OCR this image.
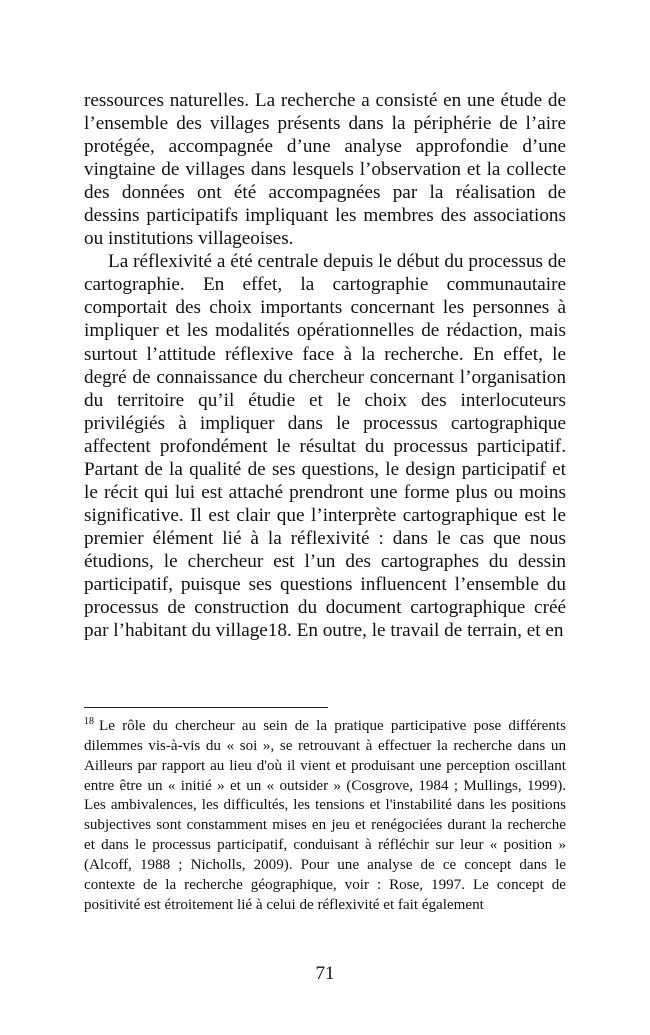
ressources naturelles. La recherche a consisté en une étude de l’ensemble des villages présents dans la périphérie de l’aire protégée, accompagnée d’une analyse approfondie d’une vingtaine de villages dans lesquels l’observation et la collecte des données ont été accompagnées par la réalisation de dessins participatifs impliquant les membres des associations ou institutions villageoises.

La réflexivité a été centrale depuis le début du processus de cartographie. En effet, la cartographie communautaire comportait des choix importants concernant les personnes à impliquer et les modalités opérationnelles de rédaction, mais surtout l’attitude réflexive face à la recherche. En effet, le degré de connaissance du chercheur concernant l’organisation du territoire qu’il étudie et le choix des interlocuteurs privilégiés à impliquer dans le processus cartographique affectent profondément le résultat du processus participatif. Partant de la qualité de ses questions, le design participatif et le récit qui lui est attaché prendront une forme plus ou moins significative. Il est clair que l’interprète cartographique est le premier élément lié à la réflexivité : dans le cas que nous étudions, le chercheur est l’un des cartographes du dessin participatif, puisque ses questions influencent l’ensemble du processus de construction du document cartographique créé par l’habitant du village18. En outre, le travail de terrain, et en

$^{18}$ Le rôle du chercheur au sein de la pratique participative pose différents dilemmes vis-à-vis du « soi », se retrouvant à effectuer la recherche dans un Ailleurs par rapport au lieu d'où il vient et produisant une perception oscillant entre être un « initié » et un « outsider » (Cosgrove, 1984 ; Mullings, 1999). Les ambivalences, les difficultés, les tensions et l'instabilité dans les positions subjectives sont constamment mises en jeu et renégociées durant la recherche et dans le processus participatif, conduisant à réfléchir sur leur « position » (Alcoff, 1988 ; Nicholls, 2009). Pour une analyse de ce concept dans le contexte de la recherche géographique, voir : Rose, 1997. Le concept de positivité est étroitement lié à celui de réflexivité et fait également

71
